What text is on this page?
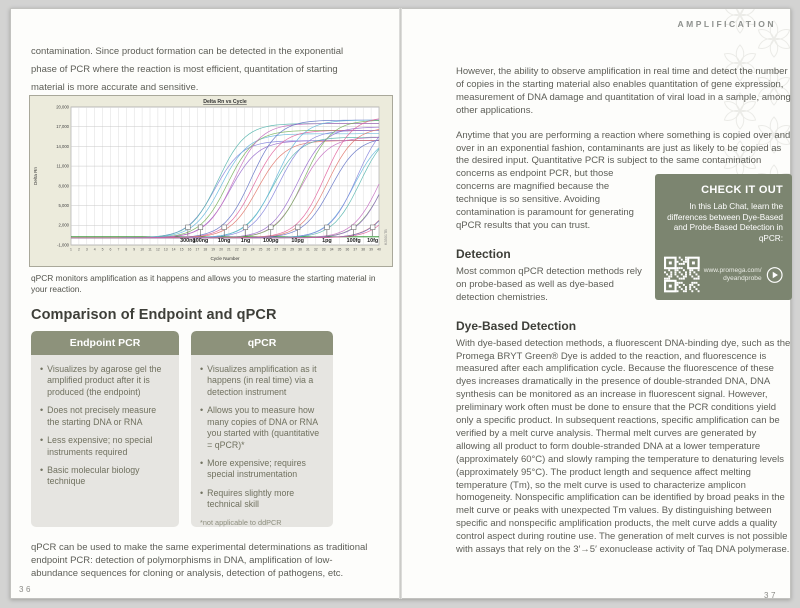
contamination. Since product formation can be detected in the exponential phase of PCR where the reaction is most efficient, quantitation of starting material is more accurate and sensitive.
1 2 3 4 5 6 7 8 9 10 11 12 13 14 15 16 17 18 19 20 21 22 23 24 25 26 27 28 29 30 31 32 33 34 35 36 37 38 39 40
20,000
17,000
14,000
11,000
8,000
5,000
2,000
-1,000
Delta Rn vs Cycle
Cycle Number
Delta Rn
300ng
100ng 10ng 1ng 100pg 10pg	1pg	100fg 10fg K3501TB
qPCR monitors amplification as it happens and allows you to measure the starting material in your reaction.
Comparison of Endpoint and qPCR
Endpoint PCR
• Visualizes by agarose gel the amplified product after it is produced (the endpoint)
• Does not precisely measure the starting DNA or RNA
• Less expensive; no special instruments required
• Basic molecular biology technique
qPCR
• Visualizes amplification as it happens (in real time) via a detection instrument
• Allows you to measure how many copies of DNA or RNA you started with (quantitative = qPCR)*
• More expensive; requires special instrumentation
• Requires slightly more technical skill
*not applicable to ddPCR
qPCR can be used to make the same experimental determinations as traditional endpoint PCR: detection of polymorphisms in DNA, amplification of low-abundance sequences for cloning or analysis, detection of pathogens, etc.
36
AMPLIFICATION
However, the ability to observe amplification in real time and detect the number of copies in the starting material also enables quantitation of gene expression, measurement of DNA damage and quantitation of viral load in a sample, among other applications.
Anytime that you are performing a reaction where something is copied over and over in an exponential fashion, contaminants are just as likely to be copied as the desired input. Quantitative PCR is subject to the same
CHECK IT OUT
In this Lab Chat, learn the differences between Dye-Based and Probe-Based Detection in qPCR:
www.promega.com/
dyeandprobe
contamination concerns as endpoint PCR, but those concerns are magnified because the technique is so sensitive. Avoiding contamination is paramount for generating qPCR results that you can trust.
Detection
Most common qPCR detection methods rely on probe-based as well as dye-based detection chemistries.
Dye-Based Detection
With dye-based detection methods, a fluorescent DNA-binding dye, such as the Promega BRYT Green® Dye is added to the reaction, and fluorescence is measured after each amplification cycle. Because the fluorescence of these dyes increases dramatically in the presence of double-stranded DNA, DNA synthesis can be monitored as an increase in fluorescent signal. However, preliminary work often must be done to ensure that the PCR conditions yield only a specific product. In subsequent reactions, specific amplification can be verified by a melt curve analysis. Thermal melt curves are generated by allowing all product to form double-stranded DNA at a lower temperature (approximately 60°C) and slowly ramping the temperature to denaturing levels (approximately 95°C). The product length and sequence affect melting temperature (Tm), so the melt curve is used to characterize amplicon homogeneity. Nonspecific amplification can be identified by broad peaks in the melt curve or peaks with unexpected Tm values. By distinguishing between specific and nonspecific amplification products, the melt curve adds a quality control aspect during routine use. The generation of melt curves is not possible with assays that rely on the 3′→5′ exonuclease activity of Taq DNA polymerase.
37
